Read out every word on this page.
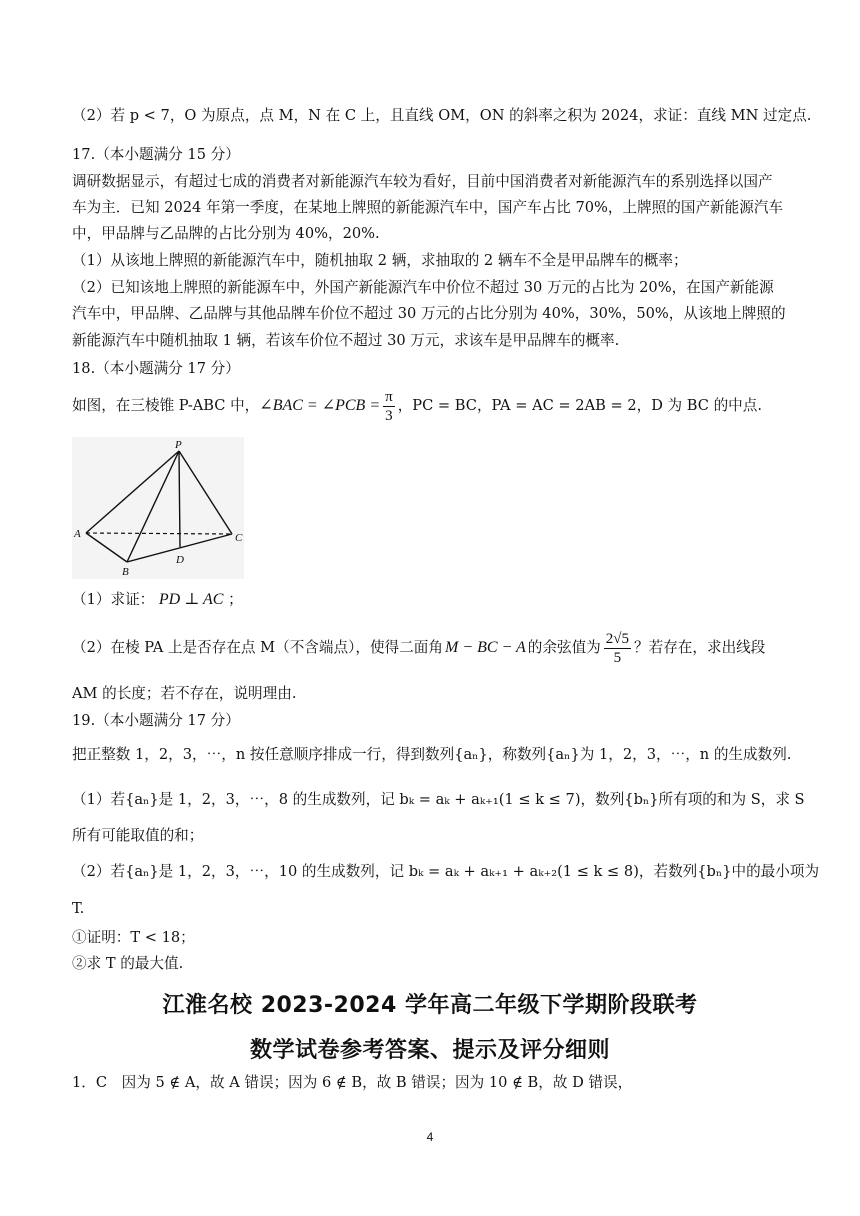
（2）若 p < 7，O 为原点，点 M，N 在 C 上，且直线 OM，ON 的斜率之积为 2024，求证：直线 MN 过定点.
17.（本小题满分 15 分）
调研数据显示，有超过七成的消费者对新能源汽车较为看好，目前中国消费者对新能源汽车的系别选择以国产
车为主．已知 2024 年第一季度，在某地上牌照的新能源汽车中，国产车占比 70%，上牌照的国产新能源汽车
中，甲品牌与乙品牌的占比分别为 40%，20%.
（1）从该地上牌照的新能源汽车中，随机抽取 2 辆，求抽取的 2 辆车不全是甲品牌车的概率；
（2）已知该地上牌照的新能源车中，外国产新能源汽车中价位不超过 30 万元的占比为 20%，在国产新能源
汽车中，甲品牌、乙品牌与其他品牌车价位不超过 30 万元的占比分别为 40%，30%，50%，从该地上牌照的
新能源汽车中随机抽取 1 辆，若该车价位不超过 30 万元，求该车是甲品牌车的概率.
18.（本小题满分 17 分）
如图，在三棱锥 P-ABC 中， ∠BAC = ∠PCB = $\frac{\pi}{3}$ ，PC = BC，PA = AC = 2AB = 2，D 为 BC 的中点.
P
A
B
C
D
（1）求证： PD ⊥ AC ；
（2）在棱 PA 上是否存在点 M（不含端点），使得二面角 M − BC − A 的余弦值为 $\frac{2√5}{5}$ ？若存在，求出线段
AM 的长度；若不存在，说明理由.
19.（本小题满分 17 分）
把正整数 1，2，3，⋯，n 按任意顺序排成一行，得到数列{aₙ}，称数列{aₙ}为 1，2，3，⋯，n 的生成数列.
（1）若{aₙ}是 1，2，3，⋯，8 的生成数列，记 bₖ = aₖ + aₖ₊₁(1 ≤ k ≤ 7)，数列{bₙ}所有项的和为 S，求 S
所有可能取值的和；
（2）若{aₙ}是 1，2，3，⋯，10 的生成数列，记 bₖ = aₖ + aₖ₊₁ + aₖ₊₂(1 ≤ k ≤ 8)，若数列{bₙ}中的最小项为
T.
①证明：T < 18；
②求 T 的最大值.
江淮名校 2023-2024 学年高二年级下学期阶段联考
数学试卷参考答案、提示及评分细则
1．C　因为 5 ∉ A，故 A 错误；因为 6 ∉ B，故 B 错误；因为 10 ∉ B，故 D 错误，
4
